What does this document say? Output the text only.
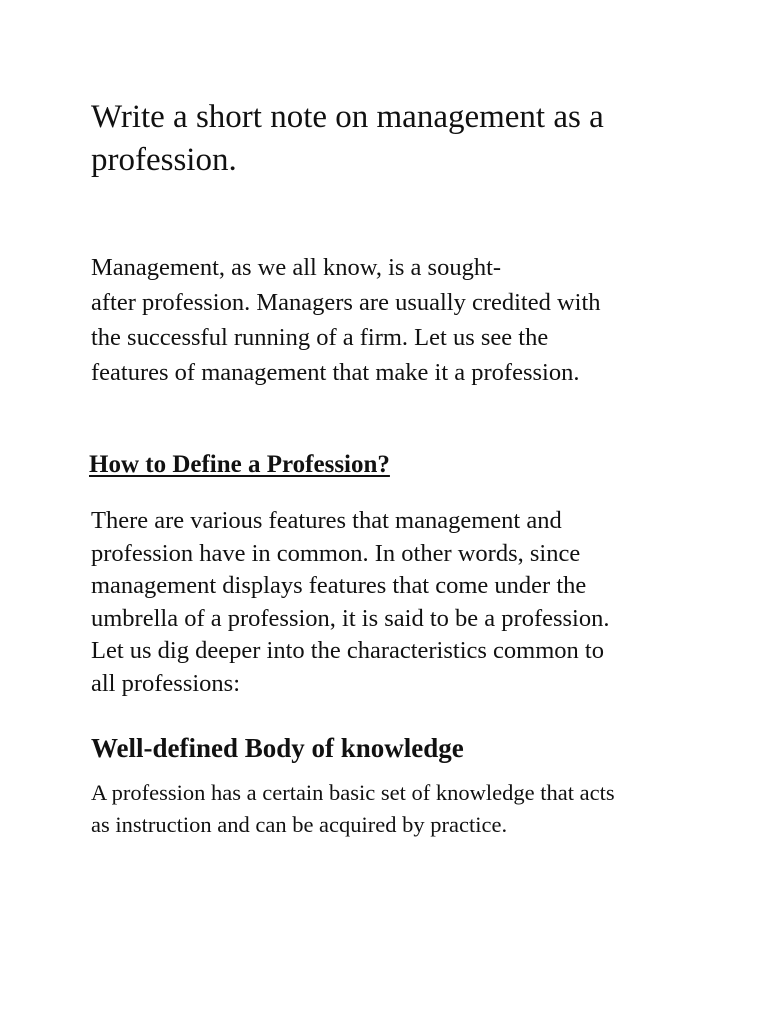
Write a short note on management as a
profession.

Management, as we all know, is a sought-
after profession. Managers are usually credited with
the successful running of a firm. Let us see the
features of management that make it a profession.

How to Define a Profession?

There are various features that management and
profession have in common. In other words, since
management displays features that come under the
umbrella of a profession, it is said to be a profession.
Let us dig deeper into the characteristics common to
all professions:

Well-defined Body of knowledge

A profession has a certain basic set of knowledge that acts
as instruction and can be acquired by practice.
